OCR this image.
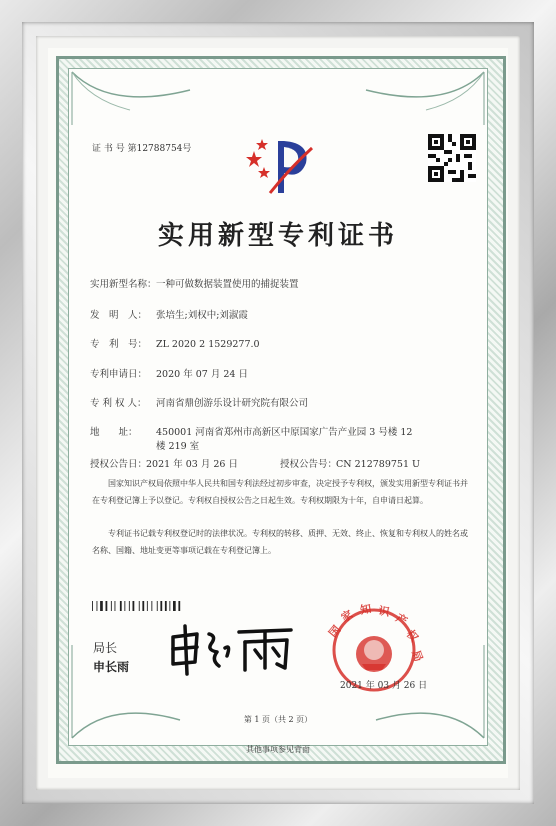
证 书 号 第12788754号
实用新型专利证书
实用新型名称：一种可做数据装置使用的捕捉装置
发　明　人： 张培生;刘权中;刘淑霞
专　利　号： ZL 2020 2 1529277.0
专利申请日： 2020 年 07 月 24 日
专 利 权 人： 河南省鼎创游乐设计研究院有限公司
地　　址： 450001 河南省郑州市高新区中原国家广告产业园 3 号楼 12
楼 219 室
授权公告日：2021 年 03 月 26 日	授权公告号：CN 212789751 U
国家知识产权局依照中华人民共和国专利法经过初步审查，决定授予专利权，颁发实用新型专利证书并在专利登记簿上予以登记。专利权自授权公告之日起生效。专利权期限为十年，自申请日起算。
专利证书记载专利权登记时的法律状况。专利权的转移、质押、无效、终止、恢复和专利权人的姓名或名称、国籍、地址变更等事项记载在专利登记簿上。
局长
申长雨
国
家 知 识 产
权
局
2021 年 03 月 26 日
第 1 页（共 2 页）
其他事项参见背面
